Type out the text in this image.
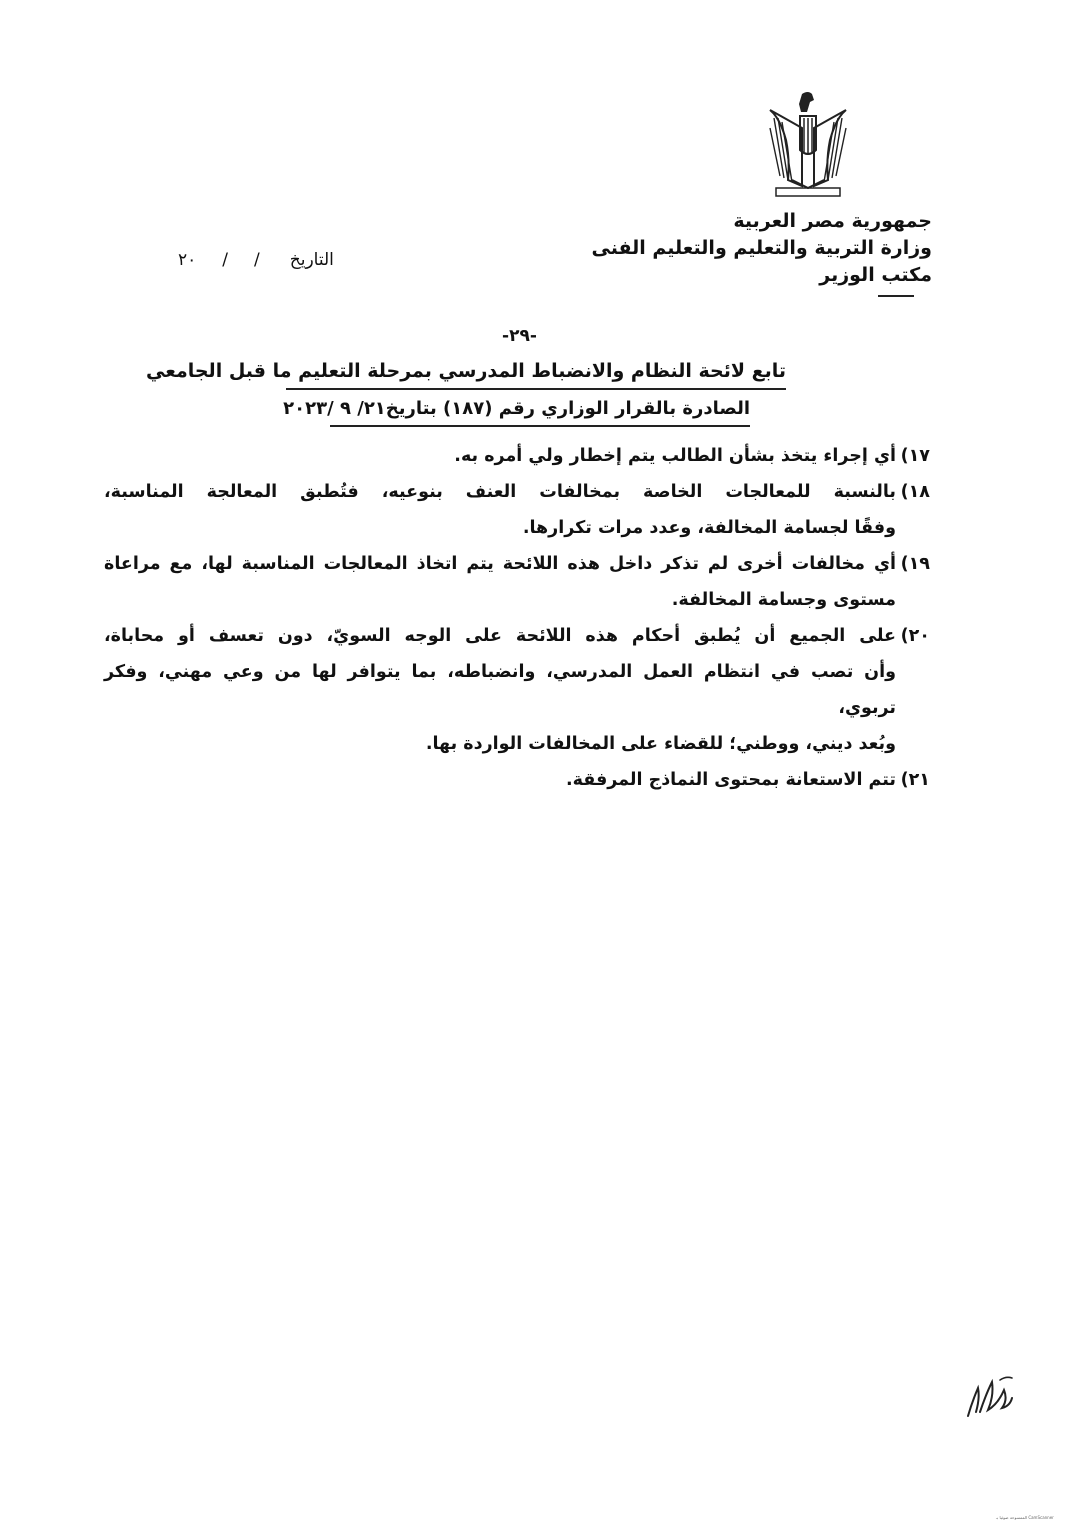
جمهورية مصر العربية
وزارة التربية والتعليم والتعليم الفنى
مكتب الوزير
التاريخ//٢٠
-٢٩-
تابع لائحة النظام والانضباط المدرسي بمرحلة التعليم ما قبل الجامعي
الصادرة بالقرار الوزاري رقم (١٨٧) بتاريخ٢١/ ٩ /٢٠٢٣
١٧)
أي إجراء يتخذ بشأن الطالب يتم إخطار ولي أمره به.
١٨)
بالنسبة للمعالجات الخاصة بمخالفات العنف بنوعيه، فتُطبق المعالجة المناسبة،
وفقًا لجسامة المخالفة، وعدد مرات تكرارها.
١٩)
أي مخالفات أخرى لم تذكر داخل هذه اللائحة يتم اتخاذ المعالجات المناسبة لها، مع مراعاة
مستوى وجسامة المخالفة.
٢٠)
على الجميع أن يُطبق أحكام هذه اللائحة على الوجه السويّ، دون تعسف أو محاباة،
وأن تصب في انتظام العمل المدرسي، وانضباطه، بما يتوافر لها من وعي مهني، وفكر تربوي،
وبُعد ديني، ووطني؛ للقضاء على المخالفات الواردة بها.
٢١)
تتم الاستعانة بمحتوى النماذج المرفقة.
CamScanner الممسوحة ضوئيا بـ
